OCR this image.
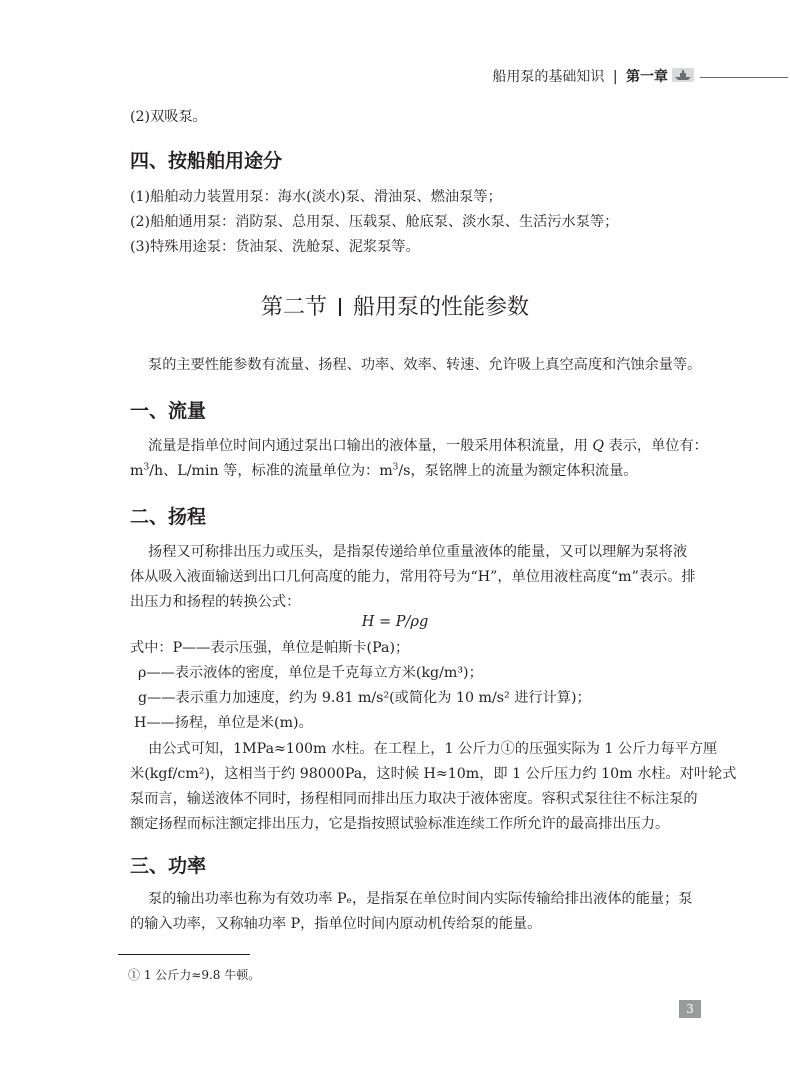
船用泵的基础知识 | 第一章
(2)双吸泵。
四、按船舶用途分
(1)船舶动力装置用泵：海水(淡水)泵、滑油泵、燃油泵等；
(2)船舶通用泵：消防泵、总用泵、压载泵、舱底泵、淡水泵、生活污水泵等；
(3)特殊用途泵：货油泵、洗舱泵、泥浆泵等。
第二节 船用泵的性能参数
泵的主要性能参数有流量、扬程、功率、效率、转速、允许吸上真空高度和汽蚀余量等。
一、流量
流量是指单位时间内通过泵出口输出的液体量，一般采用体积流量，用 Q 表示，单位有：
$m^3/h$、L/min 等，标准的流量单位为：$m^3/s$，泵铭牌上的流量为额定体积流量。
二、扬程
扬程又可称排出压力或压头，是指泵传递给单位重量液体的能量，又可以理解为泵将液
体从吸入液面输送到出口几何高度的能力，常用符号为“H”，单位用液柱高度“m”表示。排
出压力和扬程的转换公式：
H = P/ρg
式中：P——表示压强，单位是帕斯卡(Pa)；
ρ——表示液体的密度，单位是千克每立方米(kg/m³)；
g——表示重力加速度，约为 9.81 m/s²(或简化为 10 m/s² 进行计算)；
H——扬程，单位是米(m)。
由公式可知，1MPa≈100m 水柱。在工程上，1 公斤力①的压强实际为 1 公斤力每平方厘
米(kgf/cm²)，这相当于约 98000Pa，这时候 H≈10m，即 1 公斤压力约 10m 水柱。对叶轮式
泵而言，输送液体不同时，扬程相同而排出压力取决于液体密度。容积式泵往往不标注泵的
额定扬程而标注额定排出压力，它是指按照试验标准连续工作所允许的最高排出压力。
三、功率
泵的输出功率也称为有效功率 Pₑ，是指泵在单位时间内实际传输给排出液体的能量；泵
的输入功率，又称轴功率 P，指单位时间内原动机传给泵的能量。
① 1 公斤力≈9.8 牛顿。
3
